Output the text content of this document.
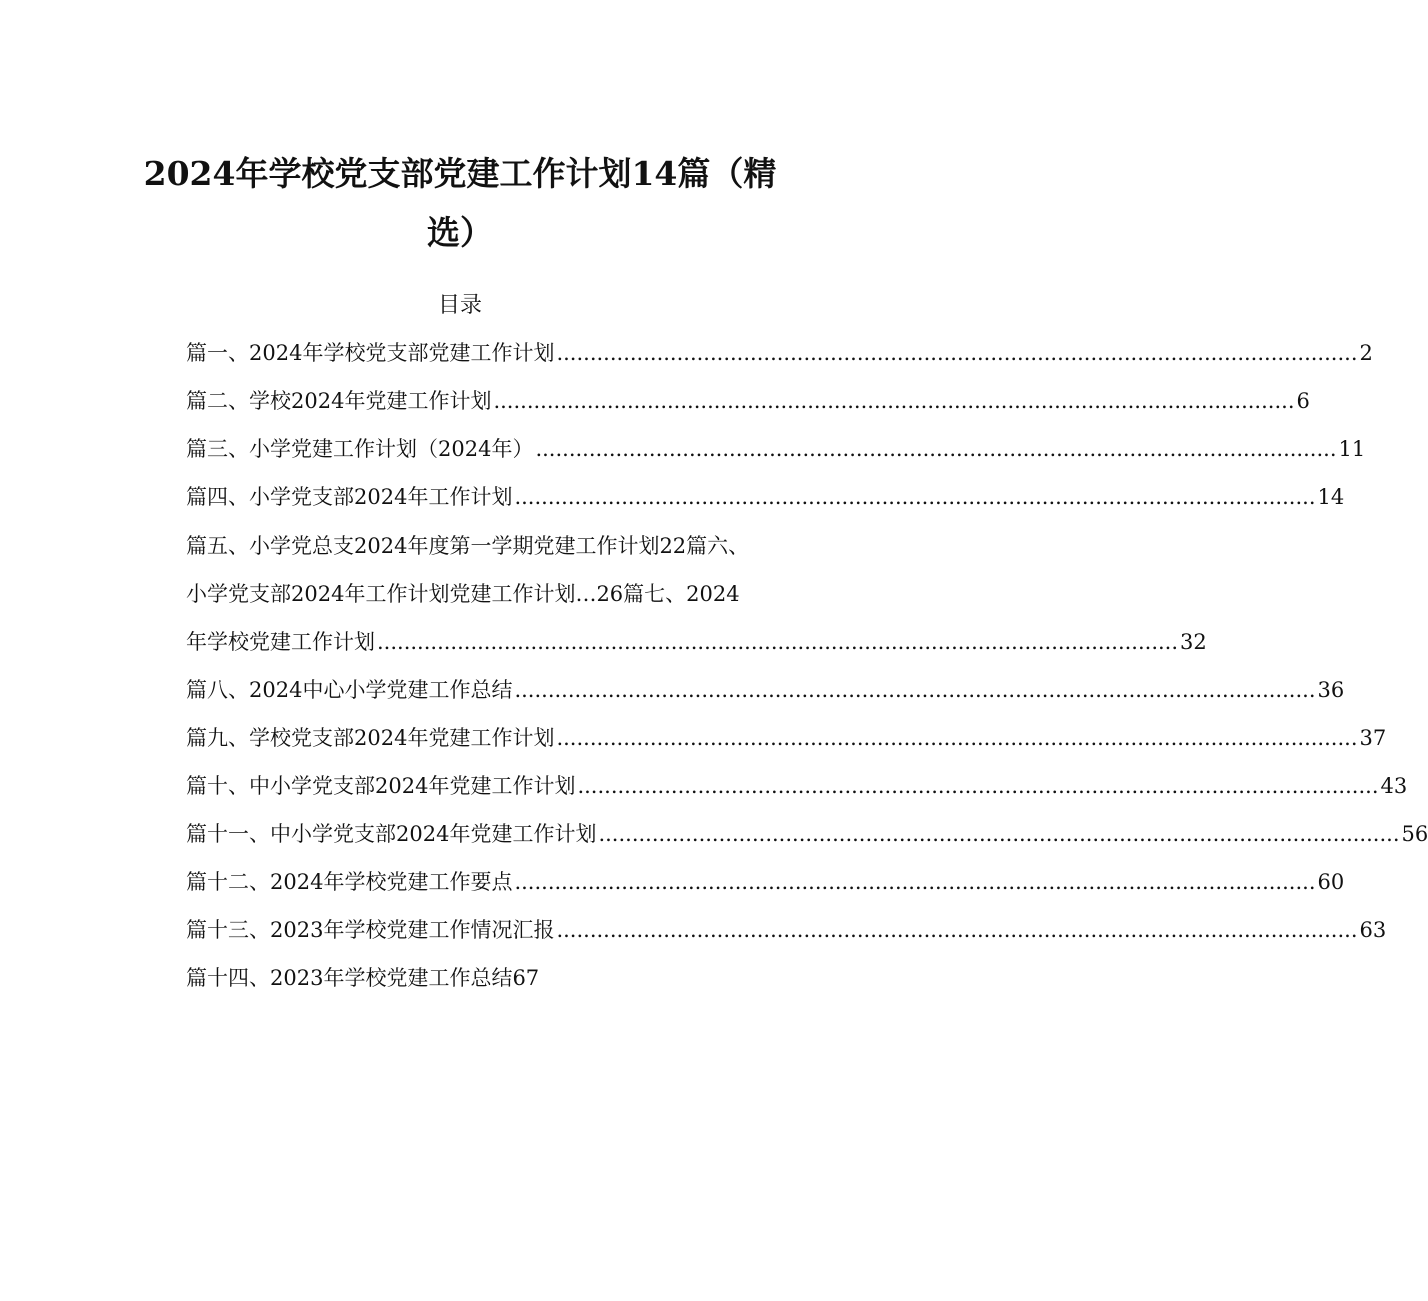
2024年学校党支部党建工作计划14篇（精
选）
目录
篇一、2024年学校党支部党建工作计划 ........................................................................................................................ 2
篇二、学校2024年党建工作计划 ........................................................................................................................ 6
篇三、小学党建工作计划（2024年） ........................................................................................................................ 11
篇四、小学党支部2024年工作计划 ........................................................................................................................ 14
篇五、小学党总支2024年度第一学期党建工作计划22篇六、
小学党支部2024年工作计划党建工作计划…26篇七、2024
年学校党建工作计划 ........................................................................................................................ 32
篇八、2024中心小学党建工作总结 ........................................................................................................................ 36
篇九、学校党支部2024年党建工作计划 ........................................................................................................................ 37
篇十、中小学党支部2024年党建工作计划 ........................................................................................................................ 43
篇十一、中小学党支部2024年党建工作计划 ........................................................................................................................ 56
篇十二、2024年学校党建工作要点 ........................................................................................................................ 60
篇十三、2023年学校党建工作情况汇报 ........................................................................................................................ 63
篇十四、2023年学校党建工作总结67
